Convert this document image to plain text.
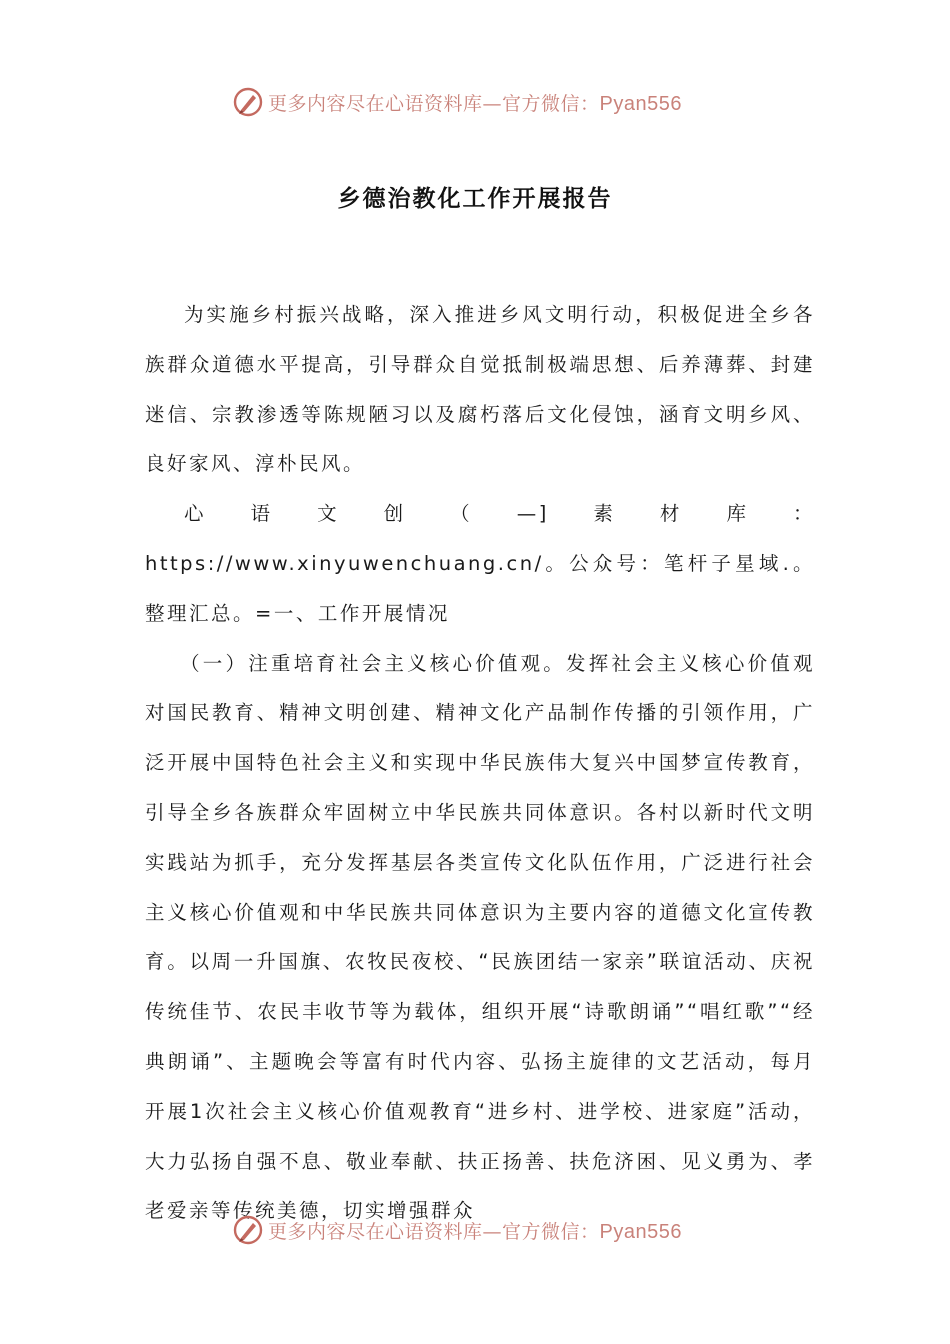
更多内容尽在心语资料库—官方微信：Pyan556
乡德治教化工作开展报告

为实施乡村振兴战略，深入推进乡风文明行动，积极促进全乡各族群众道德水平提高，引导群众自觉抵制极端思想、后养薄葬、封建迷信、宗教渗透等陈规陋习以及腐朽落后文化侵蚀，涵育文明乡风、良好家风、淳朴民风。

心语文创（—]素材库：https://www.xinyuwenchuang.cn/。公众号：笔杆子星域.。整理汇总。=一、工作开展情况

（一）注重培育社会主义核心价值观。发挥社会主义核心价值观对国民教育、精神文明创建、精神文化产品制作传播的引领作用，广泛开展中国特色社会主义和实现中华民族伟大复兴中国梦宣传教育，引导全乡各族群众牢固树立中华民族共同体意识。各村以新时代文明实践站为抓手，充分发挥基层各类宣传文化队伍作用，广泛进行社会主义核心价值观和中华民族共同体意识为主要内容的道德文化宣传教育。以周一升国旗、农牧民夜校、“民族团结一家亲”联谊活动、庆祝传统佳节、农民丰收节等为载体，组织开展“诗歌朗诵”“唱红歌”“经典朗诵”、主题晚会等富有时代内容、弘扬主旋律的文艺活动，每月开展1次社会主义核心价值观教育“进乡村、进学校、进家庭”活动，大力弘扬自强不息、敬业奉献、扶正扬善、扶危济困、见义勇为、孝老爱亲等传统美德，切实增强群众

更多内容尽在心语资料库—官方微信：Pyan556
